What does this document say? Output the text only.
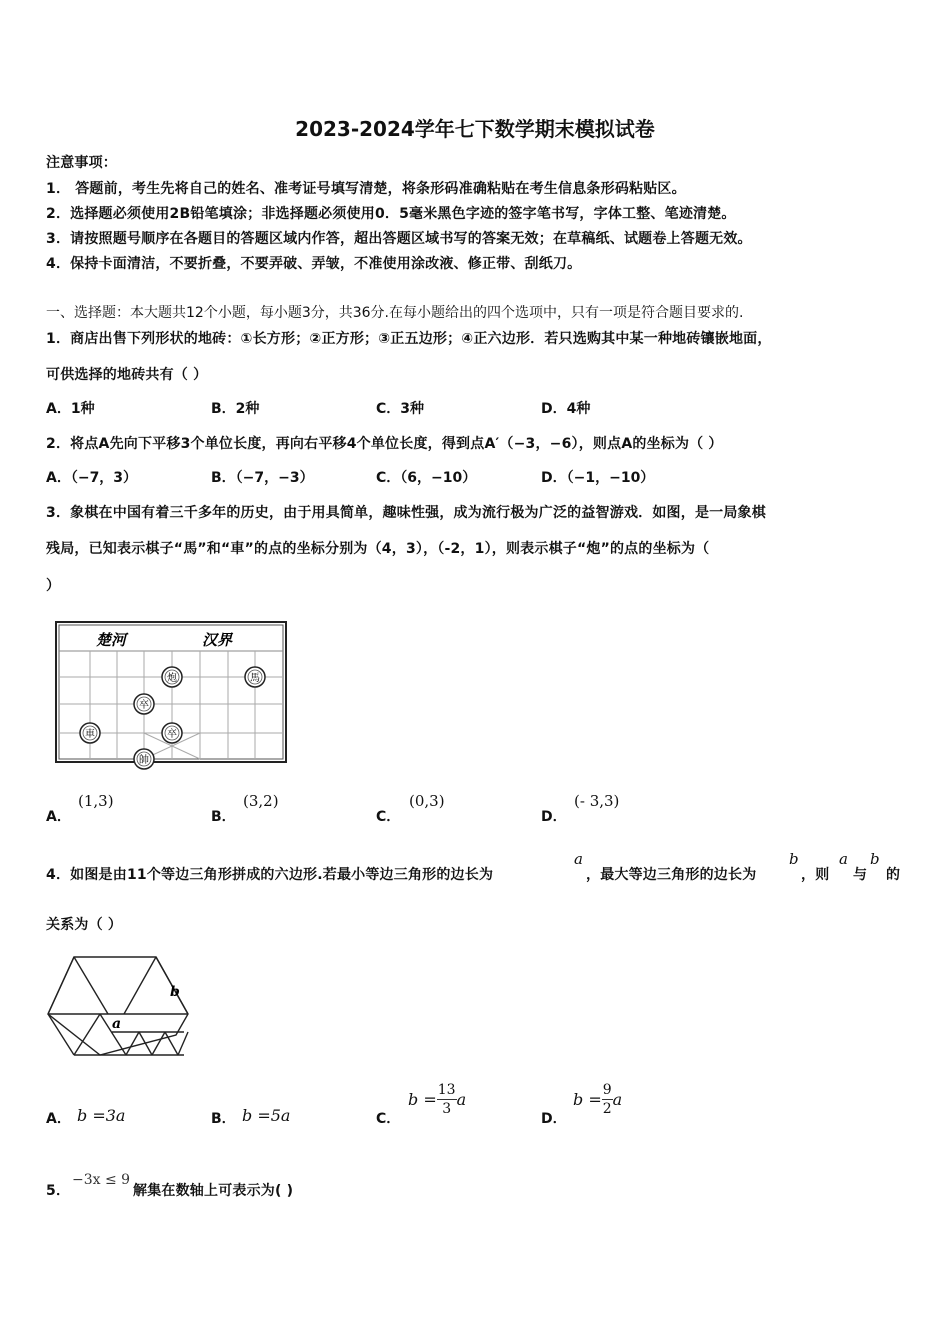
2023-2024学年七下数学期末模拟试卷
注意事项：
1． 答题前，考生先将自己的姓名、准考证号填写清楚，将条形码准确粘贴在考生信息条形码粘贴区。
2．选择题必须使用2B铅笔填涂；非选择题必须使用0．5毫米黑色字迹的签字笔书写，字体工整、笔迹清楚。
3．请按照题号顺序在各题目的答题区域内作答，超出答题区域书写的答案无效；在草稿纸、试题卷上答题无效。
4．保持卡面清洁，不要折叠，不要弄破、弄皱，不准使用涂改液、修正带、刮纸刀。
一、选择题：本大题共12个小题，每小题3分，共36分.在每小题给出的四个选项中，只有一项是符合题目要求的.
1．商店出售下列形状的地砖：①长方形；②正方形；③正五边形；④正六边形．若只选购其中某一种地砖镶嵌地面，
可供选择的地砖共有（ ）
A．1种	B．2种	C．3种	D．4种
2．将点A先向下平移3个单位长度，再向右平移4个单位长度，得到点A′（−3，−6），则点A的坐标为（ ）
A．（−7，3）	B．（−7，−3）	C．（6，−10）	D．（−1，−10）
3．象棋在中国有着三千多年的历史，由于用具简单，趣味性强，成为流行极为广泛的益智游戏．如图，是一局象棋
残局，已知表示棋子“馬”和“車”的点的坐标分别为（4，3），（-2，1），则表示棋子“炮”的点的坐标为（
）
楚河	汉界
炮	馬
卒
車	卒
帥
A．
(1,3)
B．
(3,2)
C．
(0,3)
D．
(- 3,3)
4．如图是由11个等边三角形拼成的六边形.若最小等边三角形的边长为
a
，最大等边三角形的边长为
b
，则
a
与
b
的
关系为（ ）
b
a
A． b =3a	B． b =5a	C．
$b = \frac{13}{3}$ a
D．
$b = \frac{9}{2}$ a
5．
−3x ≤ 9
解集在数轴上可表示为( )
